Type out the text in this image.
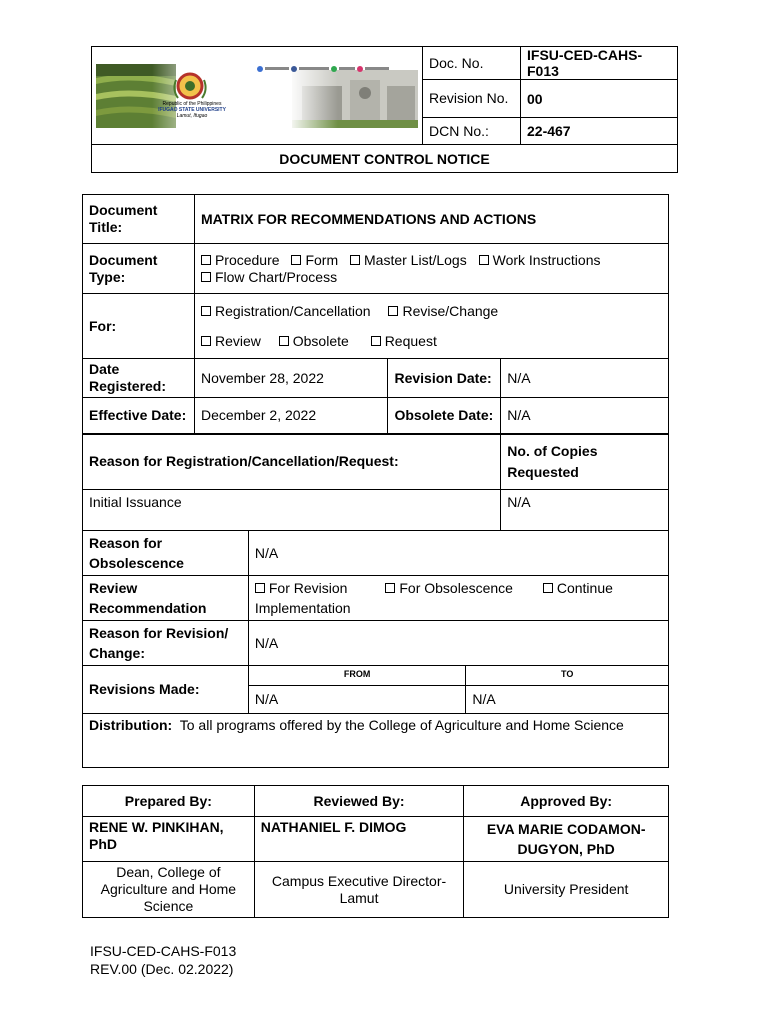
Republic of the Philippines
IFUGAO STATE UNIVERSITY
Lamut, Ifugao	Doc. No.	IFSU-CED-CAHS-F013
	Revision No.	00
	DCN No.:	22-467
DOCUMENT CONTROL NOTICE		
Document Title:	MATRIX FOR RECOMMENDATIONS AND ACTIONS				
Document Type:	Procedure Form Master List/Logs Work Instructions
Flow Chart/Process				
For:	Registration/Cancellation Revise/Change
Review Obsolete Request				
Date Registered:	November 28, 2022		Revision Date:		N/A
Effective Date:	December 2, 2022		Obsolete Date:		N/A
Reason for Registration/Cancellation/Request:					No. of Copies Requested
Initial Issuance					N/A
Reason for Obsolescence		N/A			
Review Recommendation		For Revision For Obsolescence Continue
Implementation			
Reason for Revision/ Change:		N/A			
Revisions Made:		FROM		TO	
		N/A		N/A	
Distribution: To all programs offered by the College of Agriculture and Home Science					
Prepared By:	Reviewed By:	Approved By:
RENE W. PINKIHAN, PhD	NATHANIEL F. DIMOG	EVA MARIE CODAMON-DUGYON, PhD
Dean, College of Agriculture and Home Science	Campus Executive Director-Lamut	University President
IFSU-CED-CAHS-F013
REV.00 (Dec. 02.2022)
